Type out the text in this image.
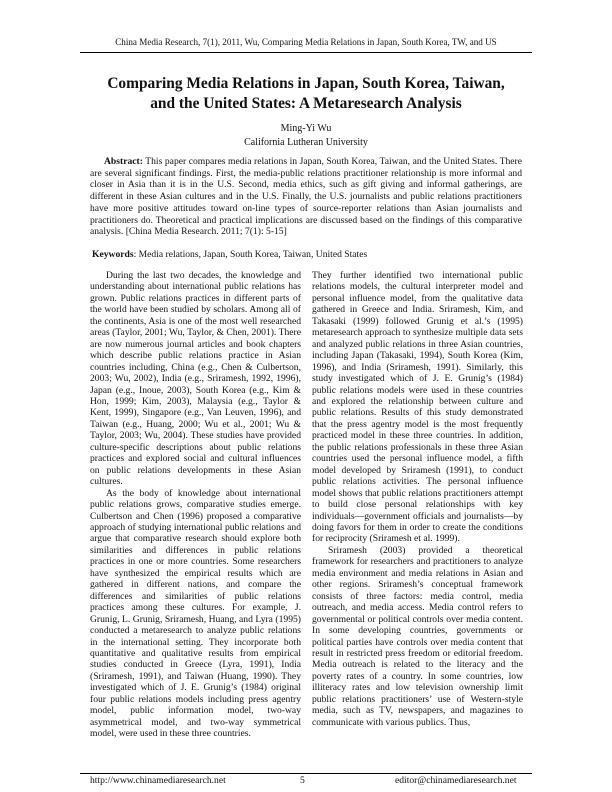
China Media Research, 7(1), 2011, Wu, Comparing Media Relations in Japan, South Korea, TW, and US
Comparing Media Relations in Japan, South Korea, Taiwan,
and the United States: A Metaresearch Analysis
Ming-Yi Wu
California Lutheran University

Abstract: This paper compares media relations in Japan, South Korea, Taiwan, and the United States. There are several significant findings. First, the media-public relations practitioner relationship is more informal and closer in Asia than it is in the U.S. Second, media ethics, such as gift giving and informal gatherings, are different in these Asian cultures and in the U.S. Finally, the U.S. journalists and public relations practitioners have more positive attitudes toward on-line types of source-reporter relations than Asian journalists and practitioners do. Theoretical and practical implications are discussed based on the findings of this comparative analysis. [China Media Research. 2011; 7(1): 5-15]

Keywords: Media relations, Japan, South Korea, Taiwan, United States

During the last two decades, the knowledge and understanding about international public relations has grown. Public relations practices in different parts of the world have been studied by scholars. Among all of the continents, Asia is one of the most well researched areas (Taylor, 2001; Wu, Taylor, & Chen, 2001). There are now numerous journal articles and book chapters which describe public relations practice in Asian countries including, China (e.g., Chen & Culbertson, 2003; Wu, 2002), India (e.g., Sriramesh, 1992, 1996), Japan (e.g., Inoue, 2003), South Korea (e.g., Kim & Hon, 1999; Kim, 2003), Malaysia (e.g., Taylor & Kent, 1999), Singapore (e.g., Van Leuven, 1996), and Taiwan (e.g., Huang, 2000; Wu et al., 2001; Wu & Taylor, 2003; Wu, 2004). These studies have provided culture-specific descriptions about public relations practices and explored social and cultural influences on public relations developments in these Asian cultures.

As the body of knowledge about international public relations grows, comparative studies emerge. Culbertson and Chen (1996) proposed a comparative approach of studying international public relations and argue that comparative research should explore both similarities and differences in public relations practices in one or more countries. Some researchers have synthesized the empirical results which are gathered in different nations, and compare the differences and similarities of public relations practices among these cultures. For example, J. Grunig, L. Grunig, Sriramesh, Huang, and Lyra (1995) conducted a metaresearch to analyze public relations in the international setting. They incorporate both quantitative and qualitative results from empirical studies conducted in Greece (Lyra, 1991), India (Sriramesh, 1991), and Taiwan (Huang, 1990). They investigated which of J. E. Grunig’s (1984) original four public relations models including press agentry model, public information model, two-way asymmetrical model, and two-way symmetrical model, were used in these three countries.

They further identified two international public relations models, the cultural interpreter model and personal influence model, from the qualitative data gathered in Greece and India. Sriramesh, Kim, and Takasaki (1999) followed Grunig et al.’s (1995) metaresearch approach to synthesize multiple data sets and analyzed public relations in three Asian countries, including Japan (Takasaki, 1994), South Korea (Kim, 1996), and India (Sriramesh, 1991). Similarly, this study investigated which of J. E. Grunig’s (1984) public relations models were used in these countries and explored the relationship between culture and public relations. Results of this study demonstrated that the press agentry model is the most frequently practiced model in these three countries. In addition, the public relations professionals in these three Asian countries used the personal influence model, a fifth model developed by Sriramesh (1991), to conduct public relations activities. The personal influence model shows that public relations practitioners attempt to build close personal relationships with key individuals—government officials and journalists—by doing favors for them in order to create the conditions for reciprocity (Sriramesh et al. 1999).

Sriramesh (2003) provided a theoretical framework for researchers and practitioners to analyze media environment and media relations in Asian and other regions. Sriramesh’s conceptual framework consists of three factors: media control, media outreach, and media access. Media control refers to governmental or political controls over media content. In some developing countries, governments or political parties have controls over media content that result in restricted press freedom or editorial freedom. Media outreach is related to the literacy and the poverty rates of a country. In some countries, low illiteracy rates and low television ownership limit public relations practitioners’ use of Western-style media, such as TV, newspapers, and magazines to communicate with various publics. Thus,

http://www.chinamediaresearch.net	5	editor@chinamediaresearch.net
